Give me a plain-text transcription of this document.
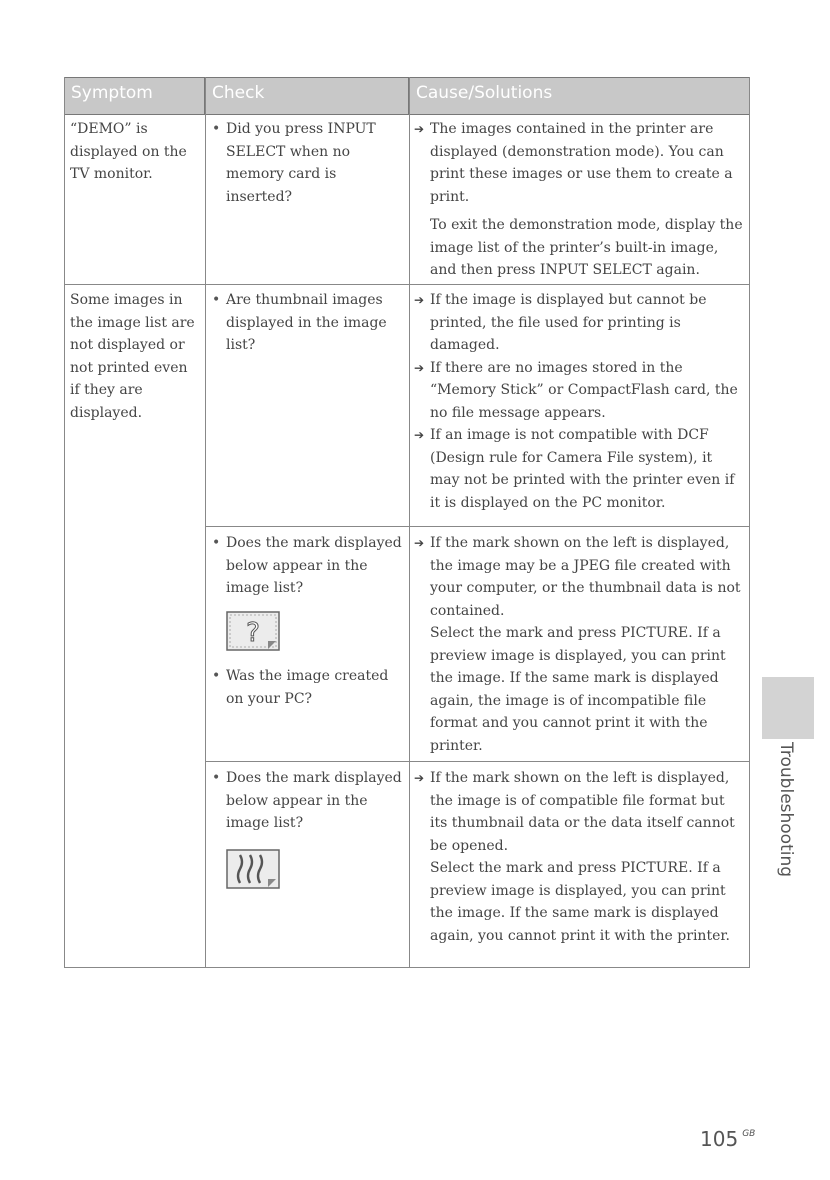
Symptom	Check	Cause/Solutions

“DEMO” is displayed on the TV monitor.

• Did you press INPUT SELECT when no memory card is inserted?

➔ The images contained in the printer are displayed (demonstration mode). You can print these images or use them to create a print.

To exit the demonstration mode, display the image list of the printer’s built-in image, and then press INPUT SELECT again.

Some images in the image list are not displayed or not printed even if they are displayed.

• Are thumbnail images displayed in the image list?

➔ If the image is displayed but cannot be printed, the file used for printing is damaged.

➔ If there are no images stored in the “Memory Stick” or CompactFlash card, the no file message appears.

➔ If an image is not compatible with DCF (Design rule for Camera File system), it may not be printed with the printer even if it is displayed on the PC monitor.

• Does the mark displayed below appear in the image list?

?

• Was the image created on your PC?

➔ If the mark shown on the left is displayed, the image may be a JPEG file created with your computer, or the thumbnail data is not contained.

Select the mark and press PICTURE. If a preview image is displayed, you can print the image. If the same mark is displayed again, the image is of incompatible file format and you cannot print it with the printer.

• Does the mark displayed below appear in the image list?

➔ If the mark shown on the left is displayed, the image is of compatible file format but its thumbnail data or the data itself cannot be opened.

Select the mark and press PICTURE. If a preview image is displayed, you can print the image. If the same mark is displayed again, you cannot print it with the printer.

Troubleshooting
105 $^{GB}$
